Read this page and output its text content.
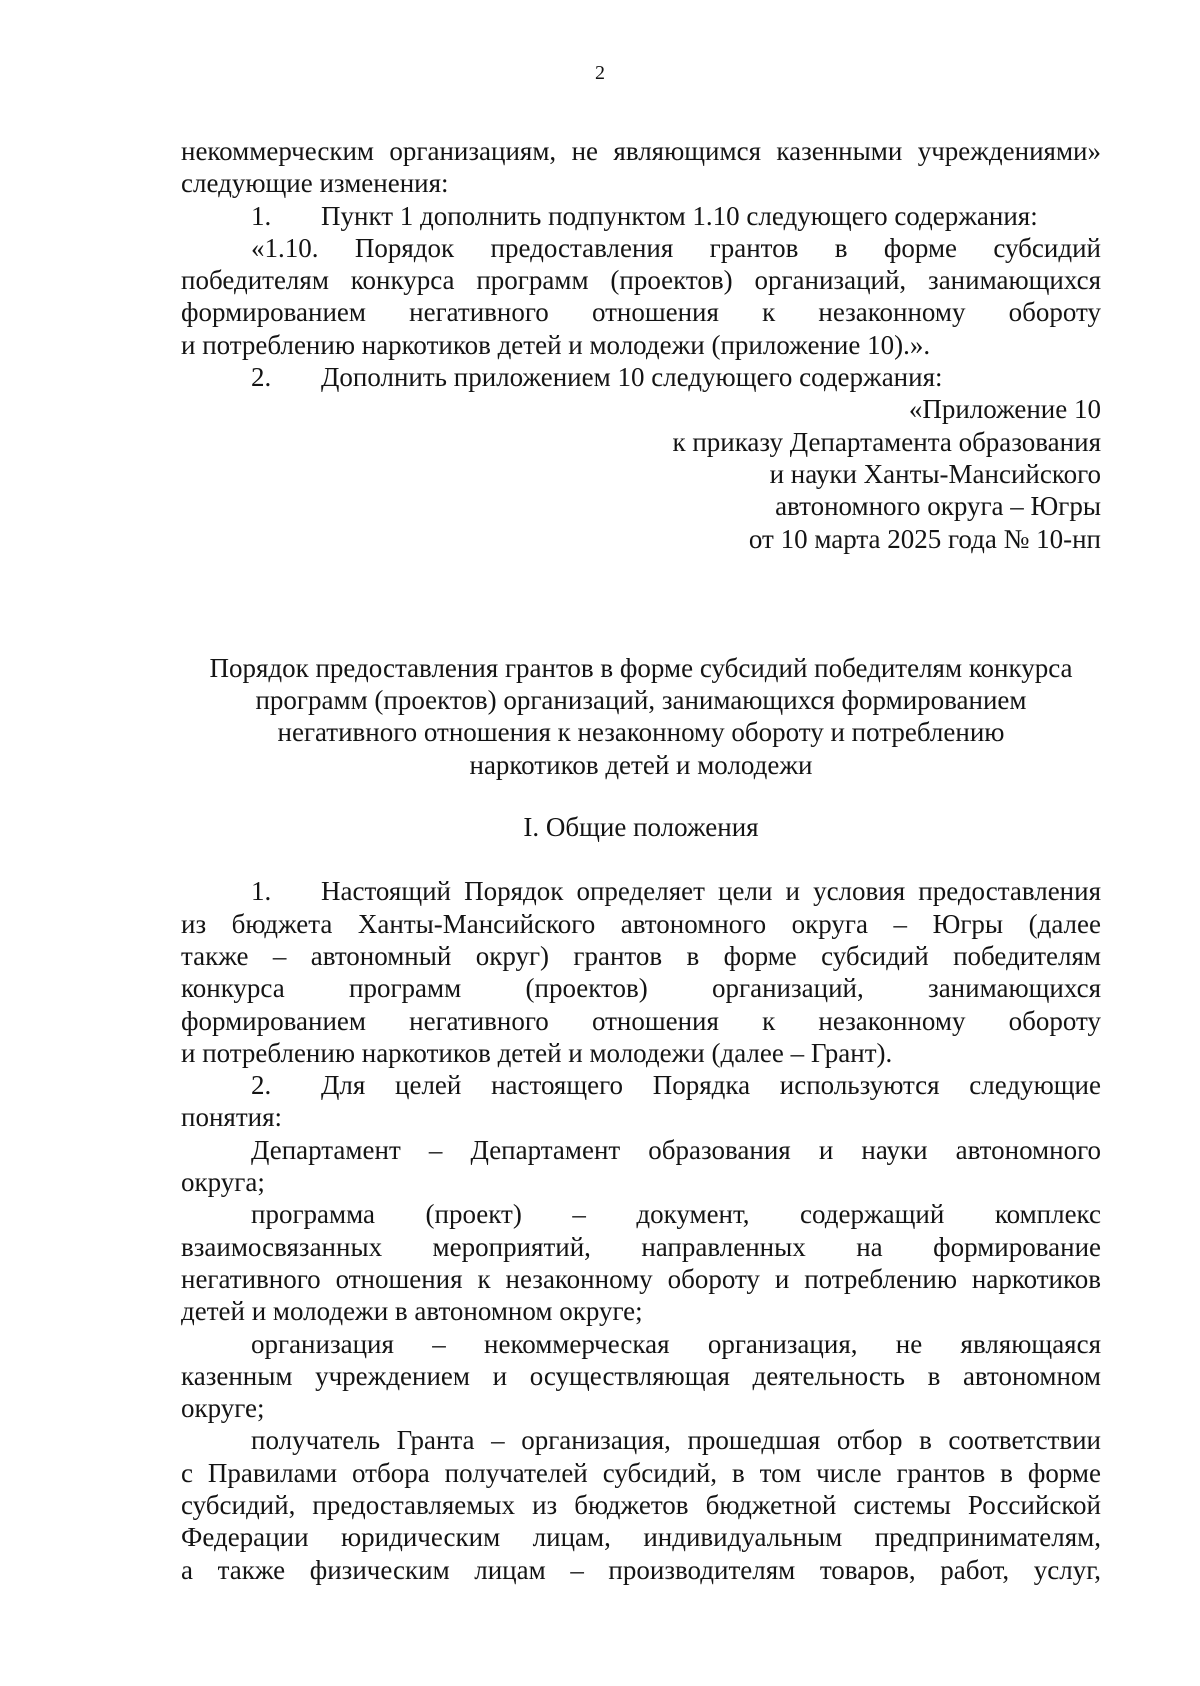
2

некоммерческим организациям, не являющимся казенными учреждениями»

следующие изменения:

1. Пункт 1 дополнить подпунктом 1.10 следующего содержания:

«1.10. Порядок предоставления грантов в форме субсидий

победителям конкурса программ (проектов) организаций, занимающихся

формированием негативного отношения к незаконному обороту

и потреблению наркотиков детей и молодежи (приложение 10).».

2. Дополнить приложением 10 следующего содержания:

«Приложение 10

к приказу Департамента образования

и науки Ханты-Мансийского

автономного округа – Югры

от 10 марта 2025 года № 10-нп

Порядок предоставления грантов в форме субсидий победителям конкурса

программ (проектов) организаций, занимающихся формированием

негативного отношения к незаконному обороту и потреблению

наркотиков детей и молодежи

I. Общие положения

1. Настоящий Порядок определяет цели и условия предоставления

из бюджета Ханты-Мансийского автономного округа – Югры (далее

также – автономный округ) грантов в форме субсидий победителям

конкурса программ (проектов) организаций, занимающихся

формированием негативного отношения к незаконному обороту

и потреблению наркотиков детей и молодежи (далее – Грант).

2. Для целей настоящего Порядка используются следующие

понятия:

Департамент – Департамент образования и науки автономного

округа;

программа (проект) – документ, содержащий комплекс

взаимосвязанных мероприятий, направленных на формирование

негативного отношения к незаконному обороту и потреблению наркотиков

детей и молодежи в автономном округе;

организация – некоммерческая организация, не являющаяся

казенным учреждением и осуществляющая деятельность в автономном

округе;

получатель Гранта – организация, прошедшая отбор в соответствии

с Правилами отбора получателей субсидий, в том числе грантов в форме

субсидий, предоставляемых из бюджетов бюджетной системы Российской

Федерации юридическим лицам, индивидуальным предпринимателям,

а также физическим лицам – производителям товаров, работ, услуг,
